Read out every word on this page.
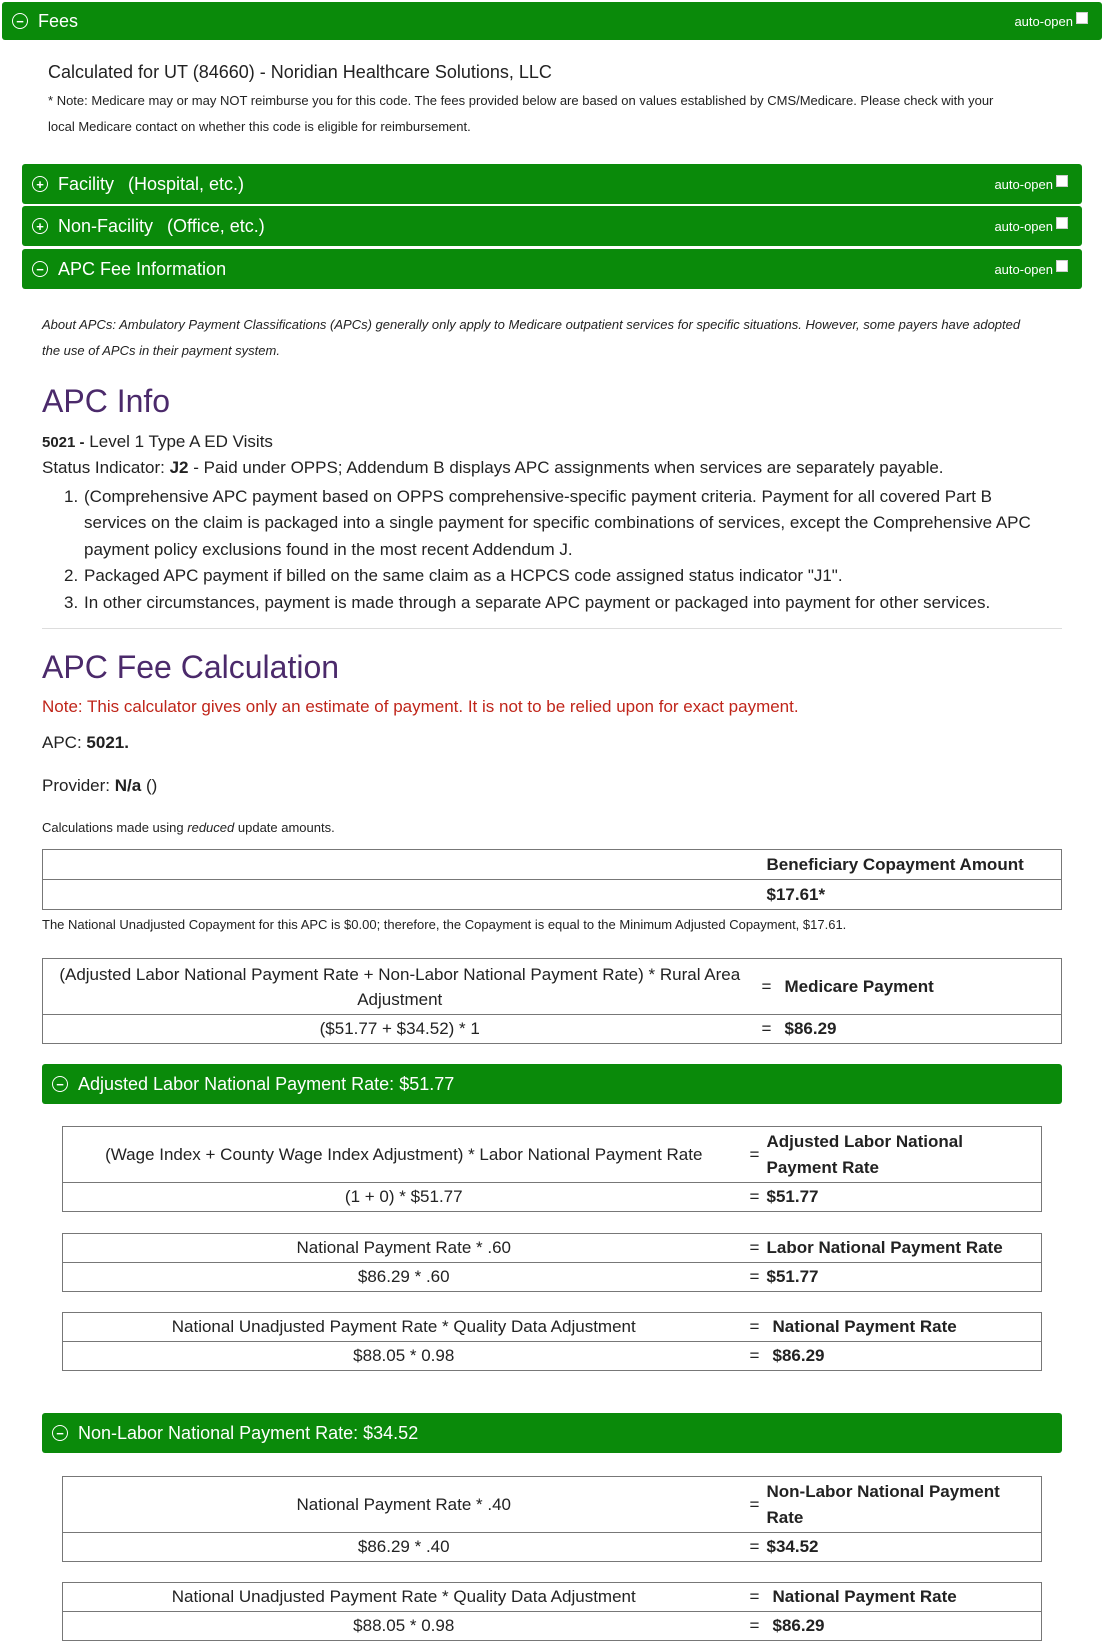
− Fees	auto-open
Calculated for UT (84660) - Noridian Healthcare Solutions, LLC
* Note: Medicare may or may NOT reimburse you for this code. The fees provided below are based on values established by CMS/Medicare. Please check with your
local Medicare contact on whether this code is eligible for reimbursement.
+ Facility (Hospital, etc.)	auto-open
+ Non-Facility (Office, etc.)	auto-open
− APC Fee Information	auto-open
About APCs: Ambulatory Payment Classifications (APCs) generally only apply to Medicare outpatient services for specific situations. However, some payers have adopted
the use of APCs in their payment system.
APC Info
5021 - Level 1 Type A ED Visits
Status Indicator: J2 - Paid under OPPS; Addendum B displays APC assignments when services are separately payable.
1. (Comprehensive APC payment based on OPPS comprehensive-specific payment criteria. Payment for all covered Part B
services on the claim is packaged into a single payment for specific combinations of services, except the Comprehensive APC
payment policy exclusions found in the most recent Addendum J.
2. Packaged APC payment if billed on the same claim as a HCPCS code assigned status indicator "J1".
3. In other circumstances, payment is made through a separate APC payment or packaged into payment for other services.
APC Fee Calculation
Note: This calculator gives only an estimate of payment. It is not to be relied upon for exact payment.
APC: 5021.
Provider: N/a ()
Calculations made using reduced update amounts.
	Beneficiary Copayment Amount
	$17.61*
The National Unadjusted Copayment for this APC is $0.00; therefore, the Copayment is equal to the Minimum Adjusted Copayment, $17.61.
(Adjusted Labor National Payment Rate + Non-Labor National Payment Rate) * Rural Area
Adjustment	=	Medicare Payment
($51.77 + $34.52) * 1	=	$86.29
− Adjusted Labor National Payment Rate: $51.77
(Wage Index + County Wage Index Adjustment) * Labor National Payment Rate	=	Adjusted Labor National
Payment Rate
(1 + 0) * $51.77	=	$51.77
National Payment Rate * .60	=	Labor National Payment Rate
$86.29 * .60	=	$51.77
National Unadjusted Payment Rate * Quality Data Adjustment	=	National Payment Rate
$88.05 * 0.98	=	$86.29
− Non-Labor National Payment Rate: $34.52
National Payment Rate * .40	=	Non-Labor National Payment
Rate
$86.29 * .40	=	$34.52
National Unadjusted Payment Rate * Quality Data Adjustment	=	National Payment Rate
$88.05 * 0.98	=	$86.29
